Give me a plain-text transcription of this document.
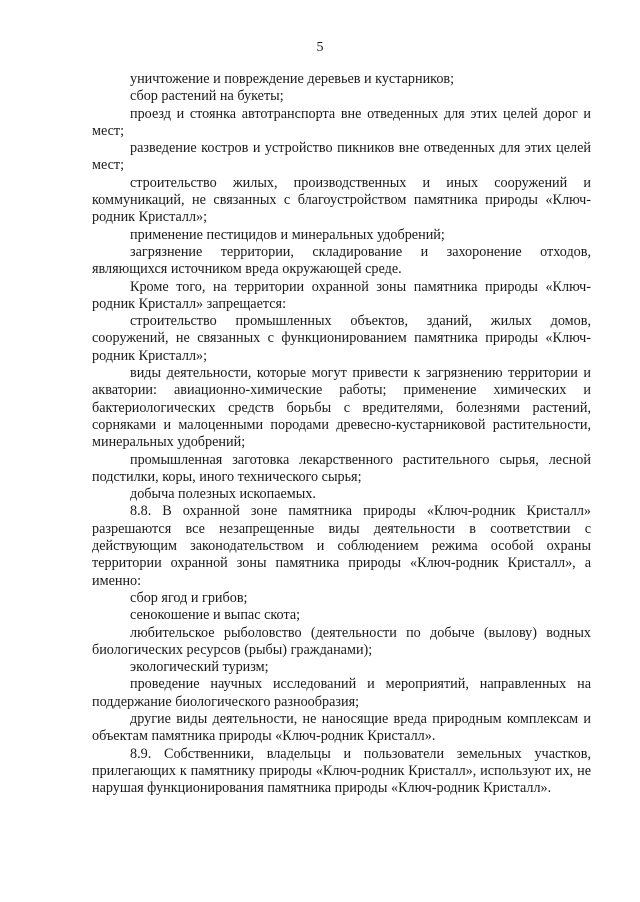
5

уничтожение и повреждение деревьев и кустарников;

сбор растений на букеты;

проезд и стоянка автотранспорта вне отведенных для этих целей дорог и мест;

разведение костров и устройство пикников вне отведенных для этих целей мест;

строительство жилых, производственных и иных сооружений и коммуникаций, не связанных с благоустройством памятника природы «Ключ-родник Кристалл»;

применение пестицидов и минеральных удобрений;

загрязнение территории, складирование и захоронение отходов, являющихся источником вреда окружающей среде.

Кроме того, на территории охранной зоны памятника природы «Ключ-родник Кристалл» запрещается:

строительство промышленных объектов, зданий, жилых домов, сооружений, не связанных с функционированием памятника природы «Ключ-родник Кристалл»;

виды деятельности, которые могут привести к загрязнению территории и акватории: авиационно-химические работы; применение химических и бактериологических средств борьбы с вредителями, болезнями растений, сорняками и малоценными породами древесно-кустарниковой растительности, минеральных удобрений;

промышленная заготовка лекарственного растительного сырья, лесной подстилки, коры, иного технического сырья;

добыча полезных ископаемых.

8.8. В охранной зоне памятника природы «Ключ-родник Кристалл» разрешаются все незапрещенные виды деятельности в соответствии с действующим законодательством и соблюдением режима особой охраны территории охранной зоны памятника природы «Ключ-родник Кристалл», а именно:

сбор ягод и грибов;

сенокошение и выпас скота;

любительское рыболовство (деятельности по добыче (вылову) водных биологических ресурсов (рыбы) гражданами);

экологический туризм;

проведение научных исследований и мероприятий, направленных на поддержание биологического разнообразия;

другие виды деятельности, не наносящие вреда природным комплексам и объектам памятника природы «Ключ-родник Кристалл».

8.9. Собственники, владельцы и пользователи земельных участков, прилегающих к памятнику природы «Ключ-родник Кристалл», используют их, не нарушая функционирования памятника природы «Ключ-родник Кристалл».
